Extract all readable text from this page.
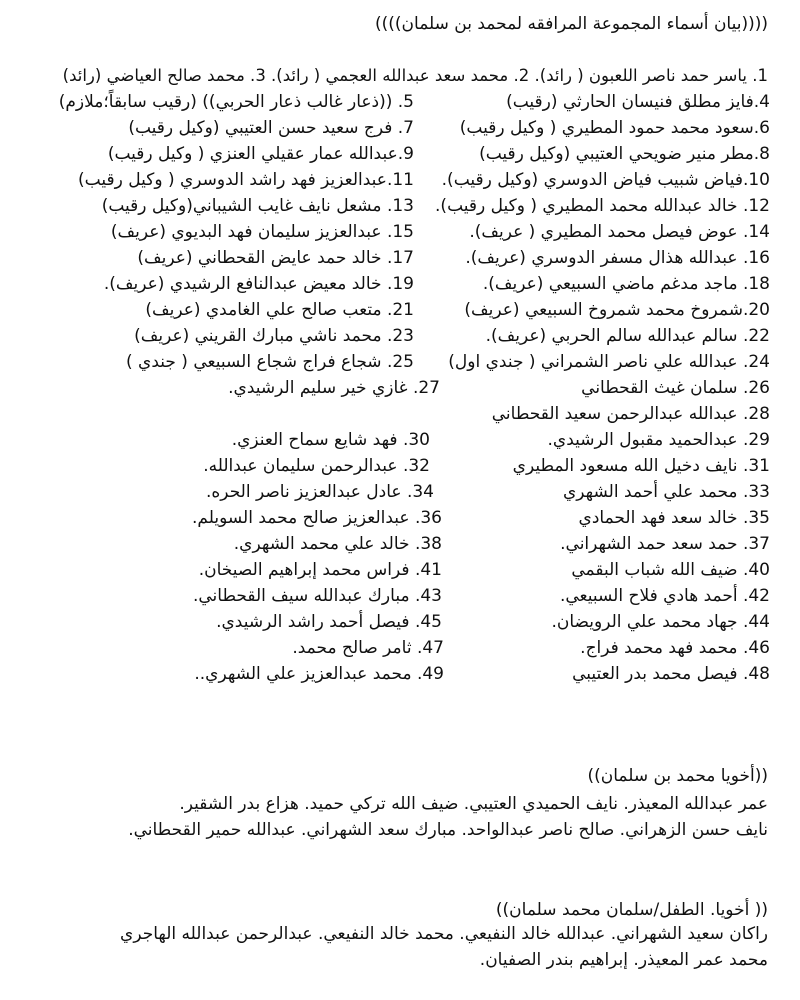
((((بيان أسماء المجموعة المرافقه لمحمد بن سلمان))))
1. ياسر حمد ناصر اللعبون ( رائد). 2. محمد سعد عبدالله العجمي ( رائد). 3. محمد صالح العياضي (رائد)
4.فايز مطلق فنيسان الحارثي (رقيب)
5. ((ذعار غالب ذعار الحربي)) (رقيب سابقاً؛ملازم)
6.سعود محمد حمود المطيري ( وكيل رقيب)
7. فرج سعيد حسن العتيبي (وكيل رقيب)
8.مطر منير ضويحي العتيبي (وكيل رقيب)
9.عبدالله عمار عقيلي العنزي ( وكيل رقيب)
10.فياض شبيب فياض الدوسري (وكيل رقيب).
11.عبدالعزيز فهد راشد الدوسري ( وكيل رقيب)
12. خالد عبدالله محمد المطيري ( وكيل رقيب).
13. مشعل نايف غايب الشيباني(وكيل رقيب)
14. عوض فيصل محمد المطيري ( عريف).
15. عبدالعزيز سليمان فهد البديوي (عريف)
16. عبدالله هذال مسفر الدوسري (عريف).
17. خالد حمد عايض القحطاني (عريف)
18. ماجد مدغم ماضي السبيعي (عريف).
19. خالد معيض عبدالنافع الرشيدي (عريف).
20.شمروخ محمد شمروخ السبيعي (عريف)
21. متعب صالح علي الغامدي (عريف)
22. سالم عبدالله سالم الحربي (عريف).
23. محمد ناشي مبارك القريني (عريف)
24. عبدالله علي ناصر الشمراني ( جندي اول)
25. شجاع فراج شجاع السبيعي ( جندي )
26. سلمان غيث القحطاني
27. غازي خير سليم الرشيدي.
28. عبدالله عبدالرحمن سعيد القحطاني
29. عبدالحميد مقبول الرشيدي.
30. فهد شايع سماح العنزي.
31. نايف دخيل الله مسعود المطيري
32. عبدالرحمن سليمان عبدالله.
33. محمد علي أحمد الشهري
34. عادل عبدالعزيز ناصر الحره.
35. خالد سعد فهد الحمادي
36. عبدالعزيز صالح محمد السويلم.
37. حمد سعد حمد الشهراني.
38. خالد علي محمد الشهري.
40. ضيف الله شباب البقمي
41. فراس محمد إبراهيم الصيخان.
42. أحمد هادي فلاح السبيعي.
43. مبارك عبدالله سيف القحطاني.
44. جهاد محمد علي الرويضان.
45. فيصل أحمد راشد الرشيدي.
46. محمد فهد محمد فراج.
47. ثامر صالح محمد.
48. فيصل محمد بدر العتيبي
49. محمد عبدالعزيز علي الشهري..
((أخويا محمد بن سلمان))
عمر عبدالله المعيذر. نايف الحميدي العتيبي. ضيف الله تركي حميد. هزاع بدر الشقير.
نايف حسن الزهراني. صالح ناصر عبدالواحد. مبارك سعد الشهراني. عبدالله حمير القحطاني.
(( أخويا. الطفل/سلمان محمد سلمان))
راكان سعيد الشهراني. عبدالله خالد النفيعي. محمد خالد النفيعي. عبدالرحمن عبدالله الهاجري
محمد عمر المعيذر. إبراهيم بندر الصفيان.
